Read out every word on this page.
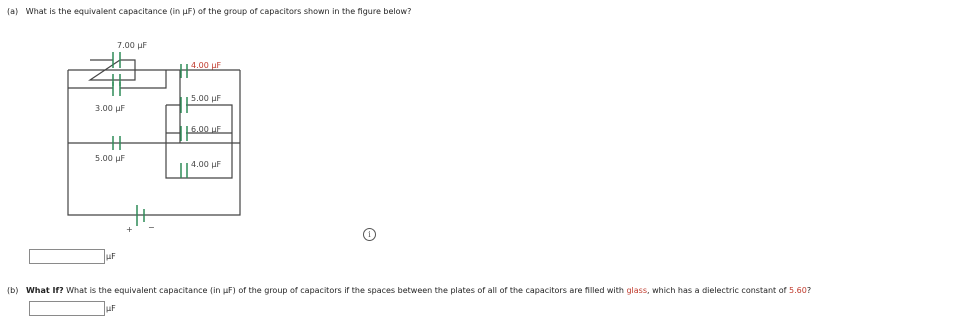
(a) What is the equivalent capacitance (in µF) of the group of capacitors shown in the figure below?
7.00 µF
3.00 µF
5.00 µF
4.00 µF
5.00 µF
6.00 µF
4.00 µF
+ −
i
µF
(b) What If? What is the equivalent capacitance (in µF) of the group of capacitors if the spaces between the plates of all of the capacitors are filled with glass, which has a dielectric constant of 5.60?
µF
